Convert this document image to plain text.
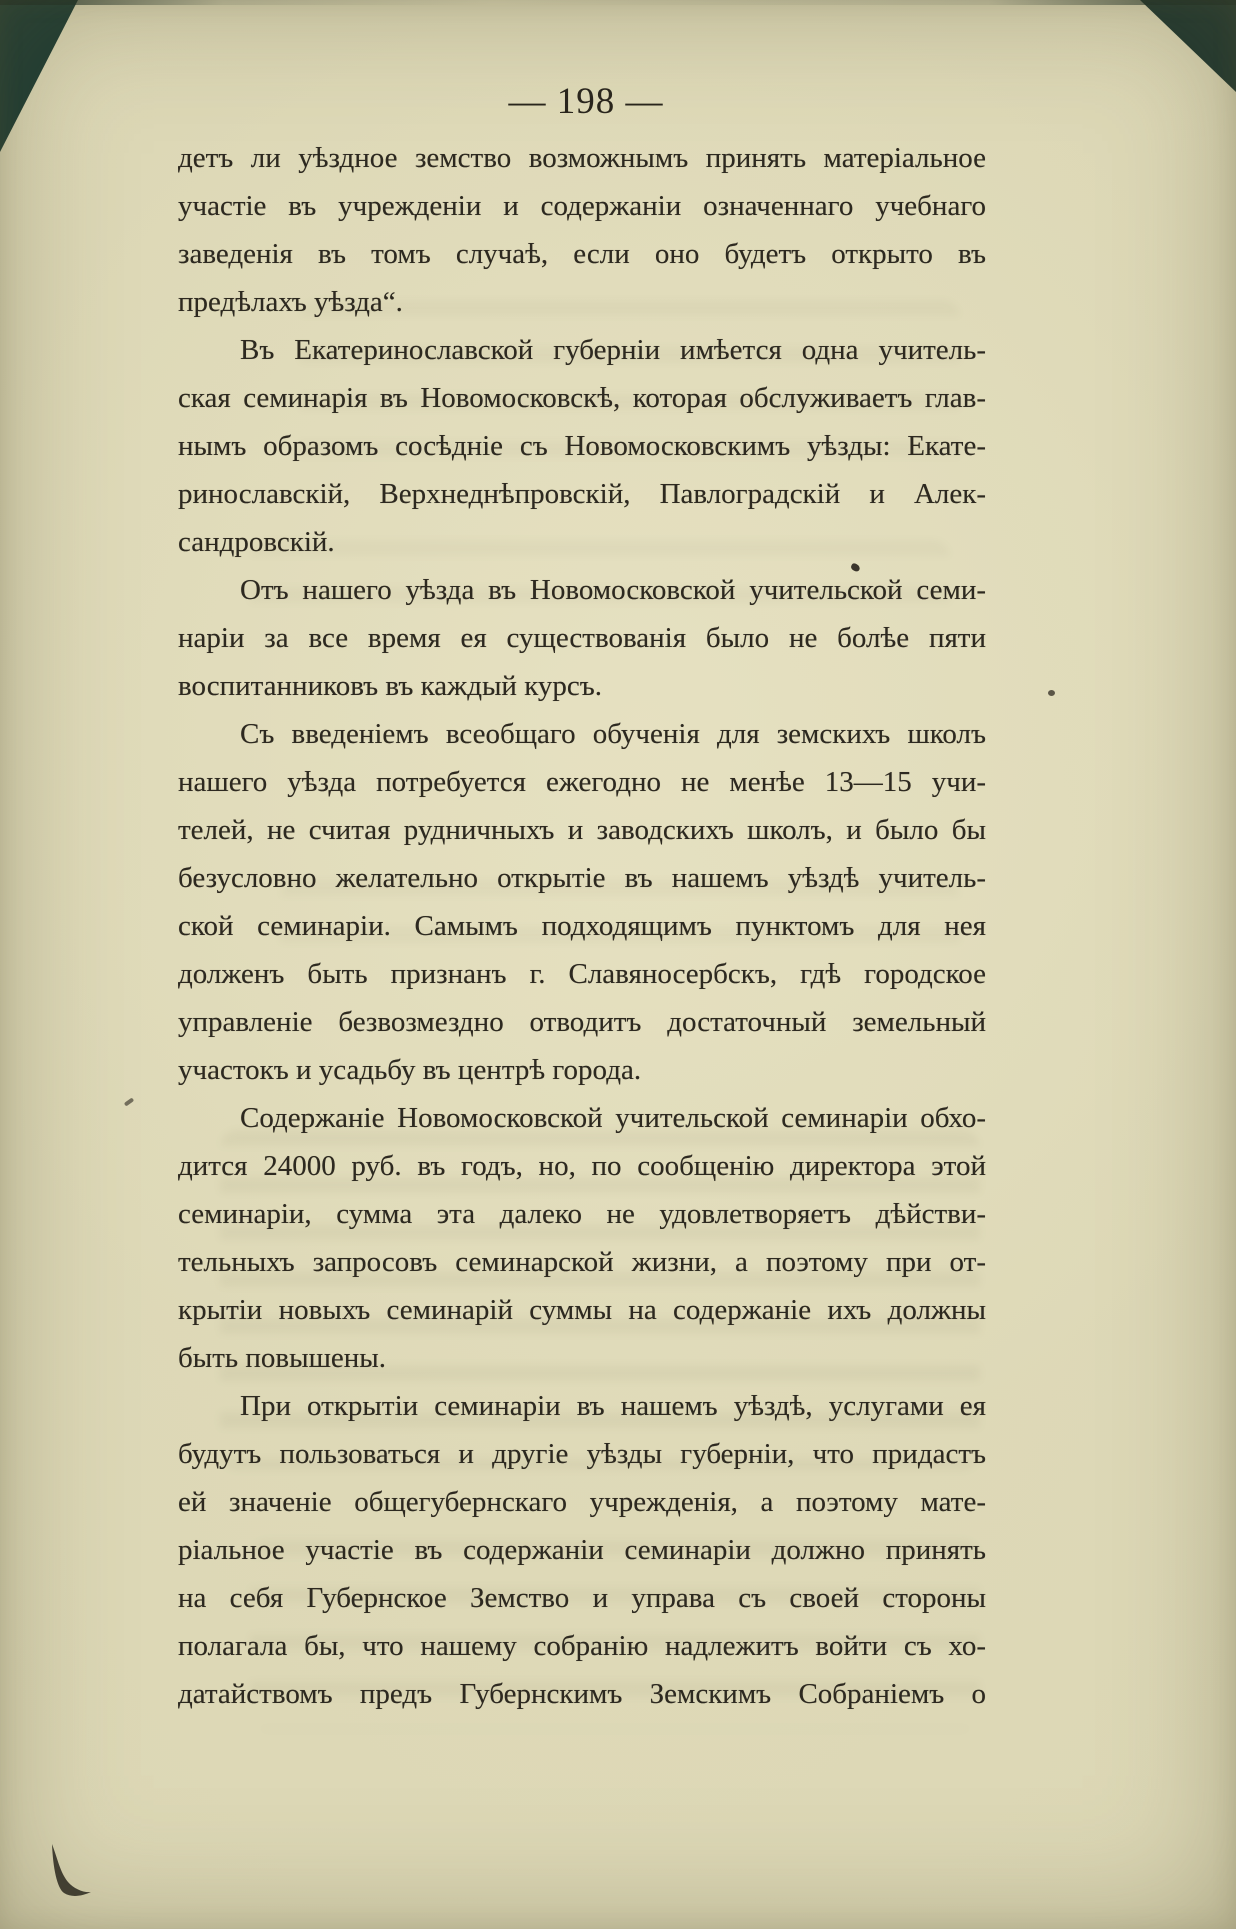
— 198 —
детъ ли уѣздное земство возможнымъ принять матеріальное
участіе въ учрежденіи и содержаніи означеннаго учебнаго
заведенія въ томъ случаѣ, если оно будетъ открыто въ
предѣлахъ уѣзда“.
Въ Екатеринославской губерніи имѣется одна учитель-
ская семинарія въ Новомосковскѣ, которая обслуживаетъ глав-
нымъ образомъ сосѣдніе съ Новомосковскимъ уѣзды: Екате-
ринославскій, Верхнеднѣпровскій, Павлоградскій и Алек-
сандровскій.
Отъ нашего уѣзда въ Новомосковской учительской семи-
наріи за все время ея существованія было не болѣе пяти
воспитанниковъ въ каждый курсъ.
Съ введеніемъ всеобщаго обученія для земскихъ школъ
нашего уѣзда потребуется ежегодно не менѣе 13—15 учи-
телей, не считая рудничныхъ и заводскихъ школъ, и было бы
безусловно желательно открытіе въ нашемъ уѣздѣ учитель-
ской семинаріи. Самымъ подходящимъ пунктомъ для нея
долженъ быть признанъ г. Славяносербскъ, гдѣ городское
управленіе безвозмездно отводитъ достаточный земельный
участокъ и усадьбу въ центрѣ города.
Содержаніе Новомосковской учительской семинаріи обхо-
дится 24000 руб. въ годъ, но, по сообщенію директора этой
семинаріи, сумма эта далеко не удовлетворяетъ дѣйстви-
тельныхъ запросовъ семинарской жизни, а поэтому при от-
крытіи новыхъ семинарій суммы на содержаніе ихъ должны
быть повышены.
При открытіи семинаріи въ нашемъ уѣздѣ, услугами ея
будутъ пользоваться и другіе уѣзды губерніи, что придастъ
ей значеніе общегубернскаго учрежденія, а поэтому мате-
ріальное участіе въ содержаніи семинаріи должно принять
на себя Губернское Земство и управа съ своей стороны
полагала бы, что нашему собранію надлежитъ войти съ хо-
датайствомъ предъ Губернскимъ Земскимъ Собраніемъ о
